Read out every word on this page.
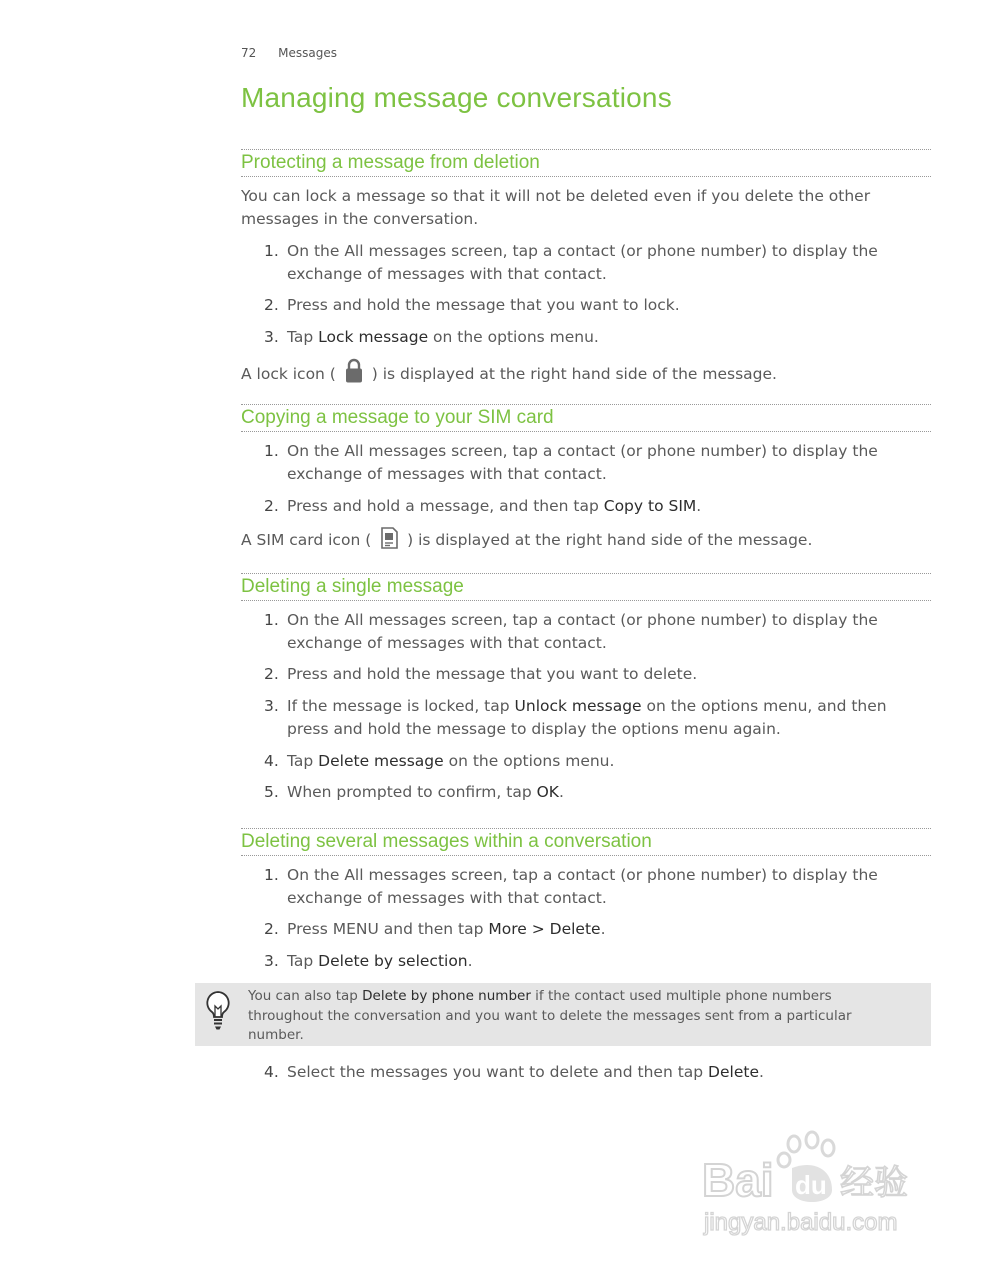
72 Messages
Managing message conversations
Protecting a message from deletion

You can lock a message so that it will not be deleted even if you delete the other messages in the conversation.

1. On the All messages screen, tap a contact (or phone number) to display the exchange of messages with that contact.
2. Press and hold the message that you want to lock.
3. Tap Lock message on the options menu.

A lock icon ( ) is displayed at the right hand side of the message.

Copying a message to your SIM card
1. On the All messages screen, tap a contact (or phone number) to display the exchange of messages with that contact.
2. Press and hold a message, and then tap Copy to SIM.

A SIM card icon ( ) is displayed at the right hand side of the message.

Deleting a single message
1. On the All messages screen, tap a contact (or phone number) to display the exchange of messages with that contact.
2. Press and hold the message that you want to delete.
3. If the message is locked, tap Unlock message on the options menu, and then press and hold the message to display the options menu again.
4. Tap Delete message on the options menu.
5. When prompted to confirm, tap OK.
Deleting several messages within a conversation
1. On the All messages screen, tap a contact (or phone number) to display the exchange of messages with that contact.
2. Press MENU and then tap More > Delete.
3. Tap Delete by selection.
You can also tap Delete by phone number if the contact used multiple phone numbers throughout the conversation and you want to delete the messages sent from a particular number.
4. Select the messages you want to delete and then tap Delete.
Bai du 经验
jingyan.baidu.com
